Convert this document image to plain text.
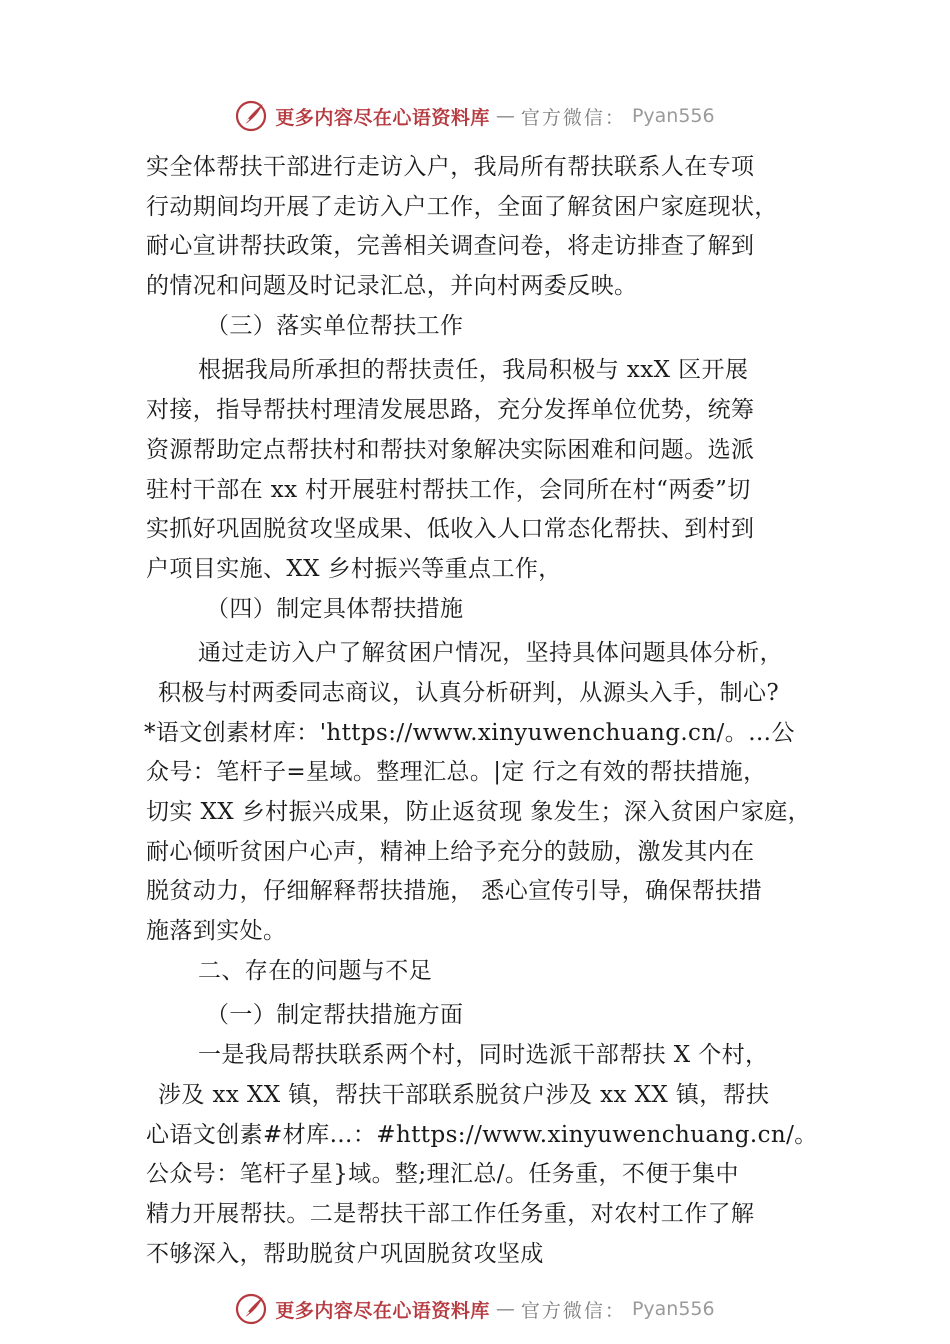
更多内容尽在心语资料库 — 官方微信： Pyan556
实全体帮扶干部进行走访入户，我局所有帮扶联系人在专项
行动期间均开展了走访入户工作，全面了解贫困户家庭现状，
耐心宣讲帮扶政策，完善相关调查问卷，将走访排查了解到
的情况和问题及时记录汇总，并向村两委反映。
（三）落实单位帮扶工作
根据我局所承担的帮扶责任，我局积极与 xxX 区开展
对接，指导帮扶村理清发展思路，充分发挥单位优势，统筹
资源帮助定点帮扶村和帮扶对象解决实际困难和问题。选派
驻村干部在 xx 村开展驻村帮扶工作，会同所在村“两委”切
实抓好巩固脱贫攻坚成果、低收入人口常态化帮扶、到村到
户项目实施、XX 乡村振兴等重点工作，
（四）制定具体帮扶措施
通过走访入户了解贫困户情况，坚持具体问题具体分析，
积极与村两委同志商议，认真分析研判，从源头入手，制心?
*语文创素材库：'https://www.xinyuwenchuang.cn/。…公
众号：笔杆子=星域。整理汇总。|定 行之有效的帮扶措施，
切实 XX 乡村振兴成果，防止返贫现 象发生；深入贫困户家庭，
耐心倾听贫困户心声，精神上给予充分的鼓励，激发其内在
脱贫动力，仔细解释帮扶措施， 悉心宣传引导，确保帮扶措
施落到实处。
二、存在的问题与不足
（一）制定帮扶措施方面
一是我局帮扶联系两个村，同时选派干部帮扶 X 个村，
涉及 xx XX 镇，帮扶干部联系脱贫户涉及 xx XX 镇，帮扶
心语文创素#材库…：#https://www.xinyuwenchuang.cn/。
公众号：笔杆子星}域。整;理汇总/。任务重，不便于集中
精力开展帮扶。二是帮扶干部工作任务重，对农村工作了解
不够深入，帮助脱贫户巩固脱贫攻坚成
更多内容尽在心语资料库 — 官方微信： Pyan556
